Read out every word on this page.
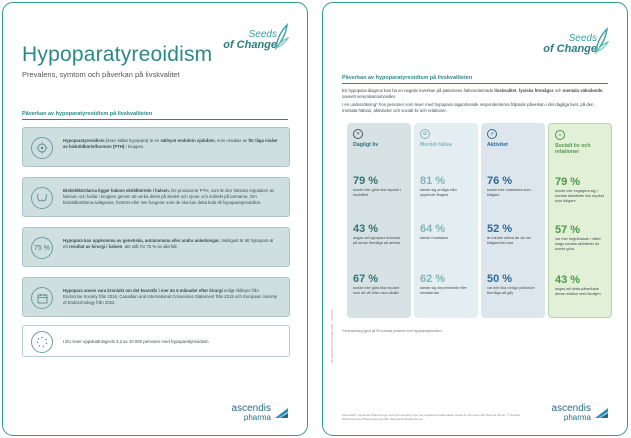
Seeds
of Change
Hypoparatyreoidism
Prevalens, symtom och påverkan på livskvalitet
Påverkan av hypoparatyreoidism på livskvaliteten
Hypoparatyreoidism (även kallat hypopara) är en sällsynt endokrin sjukdom, som orsakas av för låga nivåer av bisköldkörtelhormon (PTH) i kroppen.
Bisköldkörtlarna ligger bakom sköldkörteln i halsen. De producerar PTH, som är den främsta regulatorn av kalcium och fosfat i kroppen genom att verka direkt på skelett och njurar och indirekt på tarmarna. Om bisköldkörtlarna avlägsnas, förstörs eller inte fungerar som de ska kan detta leda till hypoparatyreoidism.
75 %
Hypopara kan uppkomma av genetiska, autoimmuna eller andra anledningar. Vanligast är att hypopara är ett resultat av kirurgi i halsen, det står för 75 % av alla fall.
Hypopara anses vara kroniskt om det kvarstår i mer än 6 månader efter kirurgi enligt riktlinjer från Endocrine Society från 2016, Canadian and International Consensus Statement från 2019 och European Society of Endocrinology från 2022.
I EU lever uppskattningsvis 3,2 av 10 000 personer med hypoparatyreoidism.
ascendis
pharma
Seeds
of Change
Påverkan av hypoparatyreoidism på livskvaliteten
En hypopara-diagnos kan ha en negativ inverkan på patientens hälsorelaterade livskvalitet, fysiska förmågor och mentala välmående, oavsett serumkalciumnivåer.
I en undersökning* hos personer som lever med hypopara rapporterade respondenterna följande påverkan i det dagliga livet, på den mentala hälsan, aktiviteter och socialt liv och relationer.
☀
Dagligt liv
79 %
kunde inte göra lika mycket i hushållet
43 %
angav att hypopara inverkar på deras förmåga att arbeta
67 %
kunde inte göra lika mycket som de vill eller vara vitalliv
✿
Mentel hälsa
81 %
kände sig oroliga eller upplevde ångest
64 %
kände frustration
62 %
kände sig deprimerade eller nedstämda
➚
Aktivitet
76 %
kunde inte motionera som tidigare
52 %
är mindre aktiva än de var tidigare/att vara
50 %
var inte lika rörliga (inklusive förmåga att gå)
☺
Socialt liv och relationer
79 %
kunde inte engagera sig i sociala aktiviteter lika mycket som tidigare
57 %
var mer begränsade i vilket slags sociala aktiviteter de kunde göra
43 %
angav att detta påverkade deras relation med familjen
*Undersökning gjord på 90 svenska personer med hypoparatyreoidism
SE-SEEDSOFCHANGE-0001 · 03/2024
Ascendis®, Ascendis Pharma logo och the company logo are registered trademarks owned by the Ascendis Pharma Group. © October 2024 Ascendis Pharma Europe AB. www.ascendispharma.se
ascendis
pharma
